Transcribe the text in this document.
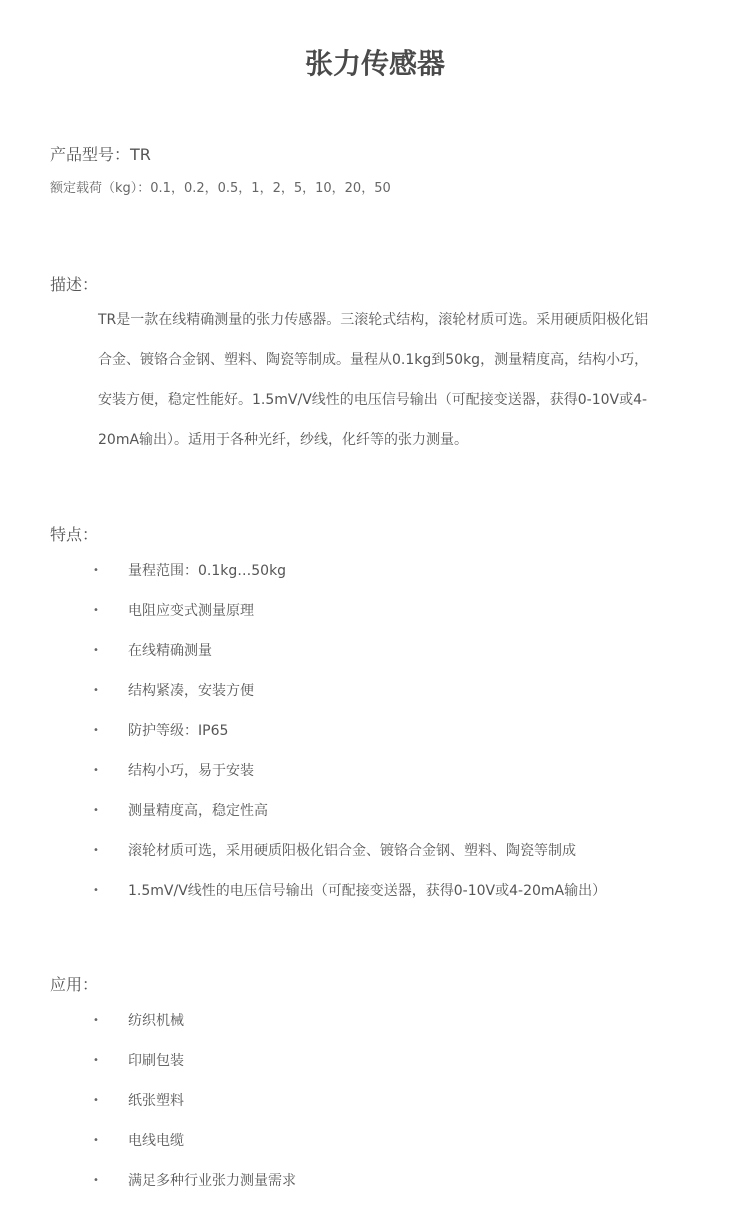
张力传感器
产品型号：TR
额定载荷（kg）：0.1，0.2，0.5，1，2，5，10，20，50
描述：

TR是一款在线精确测量的张力传感器。三滚轮式结构，滚轮材质可选。采用硬质阳极化铝合金、镀铬合金钢、塑料、陶瓷等制成。量程从0.1kg到50kg，测量精度高，结构小巧，安装方便，稳定性能好。1.5mV/V线性的电压信号输出（可配接变送器，获得0-10V或4-20mA输出）。适用于各种光纤，纱线，化纤等的张力测量。

特点：
• 量程范围：0.1kg…50kg
• 电阻应变式测量原理
• 在线精确测量
• 结构紧凑，安装方便
• 防护等级：IP65
• 结构小巧，易于安装
• 测量精度高，稳定性高
• 滚轮材质可选，采用硬质阳极化铝合金、镀铬合金钢、塑料、陶瓷等制成
• 1.5mV/V线性的电压信号输出（可配接变送器，获得0-10V或4-20mA输出）
应用：
• 纺织机械
• 印刷包装
• 纸张塑料
• 电线电缆
• 满足多种行业张力测量需求
